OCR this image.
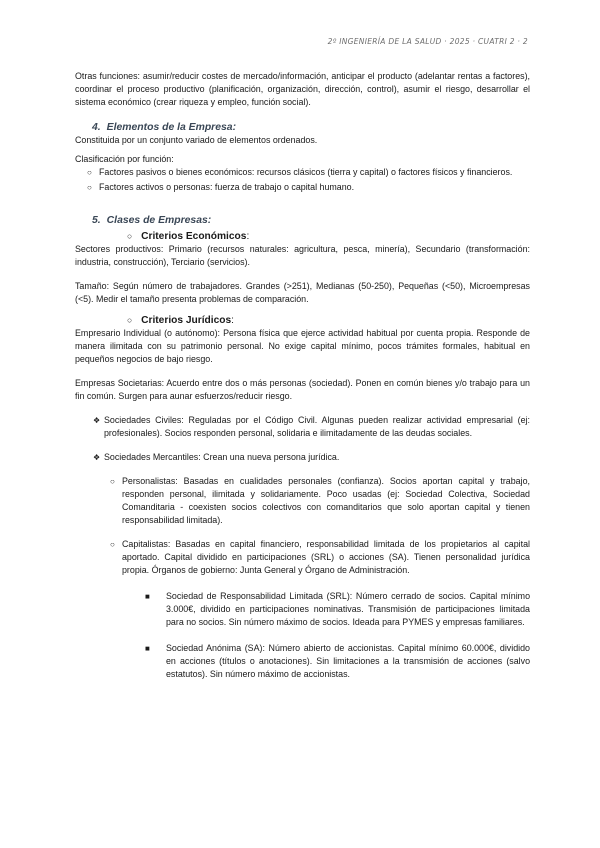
2º INGENIERÍA DE LA SALUD · 2025 · CUATRI 2 · 2

Otras funciones: asumir/reducir costes de mercado/información, anticipar el producto (adelantar rentas a factores), coordinar el proceso productivo (planificación, organización, dirección, control), asumir el riesgo, desarrollar el sistema económico (crear riqueza y empleo, función social).

4. Elementos de la Empresa:

Constituida por un conjunto variado de elementos ordenados.

Clasificación por función:

○ Factores pasivos o bienes económicos: recursos clásicos (tierra y capital) o factores físicos y financieros.
○ Factores activos o personas: fuerza de trabajo o capital humano.
5. Clases de Empresas:
○ Criterios Económicos:

Sectores productivos: Primario (recursos naturales: agricultura, pesca, minería), Secundario (transformación: industria, construcción), Terciario (servicios).

Tamaño: Según número de trabajadores. Grandes (>251), Medianas (50-250), Pequeñas (<50), Microempresas (<5). Medir el tamaño presenta problemas de comparación.

○ Criterios Jurídicos:

Empresario Individual (o autónomo): Persona física que ejerce actividad habitual por cuenta propia. Responde de manera ilimitada con su patrimonio personal. No exige capital mínimo, pocos trámites formales, habitual en pequeños negocios de bajo riesgo.

Empresas Societarias: Acuerdo entre dos o más personas (sociedad). Ponen en común bienes y/o trabajo para un fin común. Surgen para aunar esfuerzos/reducir riesgo.

❖ Sociedades Civiles: Reguladas por el Código Civil. Algunas pueden realizar actividad empresarial (ej: profesionales). Socios responden personal, solidaria e ilimitadamente de las deudas sociales.
❖ Sociedades Mercantiles: Crean una nueva persona jurídica.
○ Personalistas: Basadas en cualidades personales (confianza). Socios aportan capital y trabajo, responden personal, ilimitada y solidariamente. Poco usadas (ej: Sociedad Colectiva, Sociedad Comanditaria - coexisten socios colectivos con comanditarios que solo aportan capital y tienen responsabilidad limitada).
○ Capitalistas: Basadas en capital financiero, responsabilidad limitada de los propietarios al capital aportado. Capital dividido en participaciones (SRL) o acciones (SA). Tienen personalidad jurídica propia. Órganos de gobierno: Junta General y Órgano de Administración.
■ Sociedad de Responsabilidad Limitada (SRL): Número cerrado de socios. Capital mínimo 3.000€, dividido en participaciones nominativas. Transmisión de participaciones limitada para no socios. Sin número máximo de socios. Ideada para PYMES y empresas familiares.
■ Sociedad Anónima (SA): Número abierto de accionistas. Capital mínimo 60.000€, dividido en acciones (títulos o anotaciones). Sin limitaciones a la transmisión de acciones (salvo estatutos). Sin número máximo de accionistas.
